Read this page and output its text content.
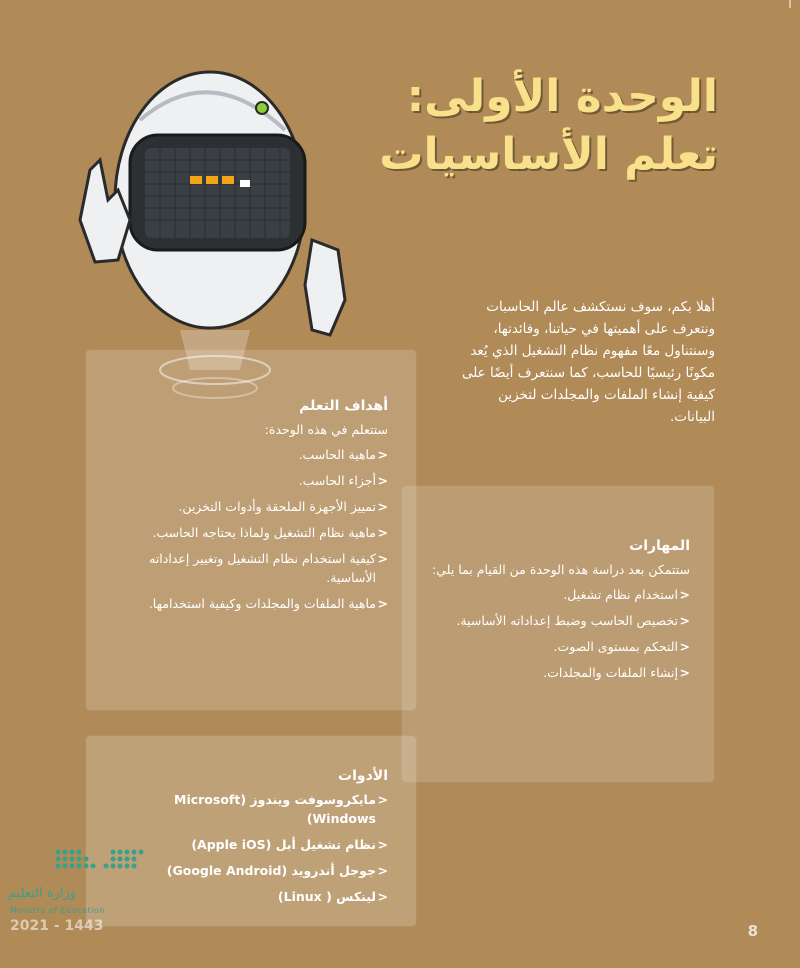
الوحدة الأولى:
تعلم الأساسيات
أهلا بكم، سوف نستكشف عالم الحاسبات ونتعرف على أهميتها في حياتنا، وفائدتها، وسنتناول معًا مفهوم نظام التشغيل الذي يُعد مكونًا رئيسيًا للحاسب، كما سنتعرف أيضًا على كيفية إنشاء الملفات والمجلدات لتخزين البيانات.
المهارات
ستتمكن بعد دراسة هذه الوحدة من القيام بما يلي:
< استخدام نظام تشغيل.
< تخصيص الحاسب وضبط إعداداته الأساسية.
< التحكم بمستوى الصوت.
< إنشاء الملفات والمجلدات.
أهداف التعلم
ستتعلم في هذه الوحدة:
< ماهية الحاسب.
< أجزاء الحاسب.
< تمييز الأجهزة الملحقة وأدوات التخزين.
< ماهية نظام التشغيل ولماذا يحتاجه الحاسب.
< كيفية استخدام نظام التشغيل وتغيير إعداداته الأساسية.
< ماهية الملفات والمجلدات وكيفية استخدامها.
الأدوات
< مايكروسوفت ويندوز (Microsoft Windows)
< نظام تشغيل أبل (Apple iOS)
< جوجل أندرويد (Google Android)
< لينكس ( Linux)
وزارة التعليم
Ministry of Education
2021 - 1443	8
